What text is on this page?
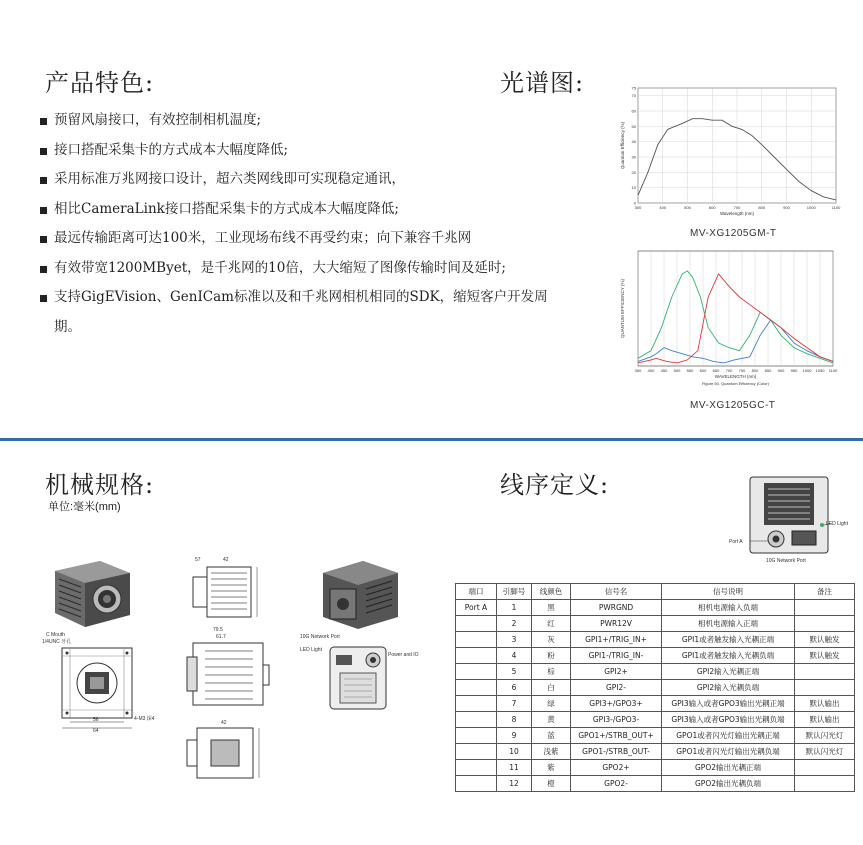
产品特色:
预留风扇接口，有效控制相机温度;
接口搭配采集卡的方式成本大幅度降低;
采用标准万兆网接口设计，超六类网线即可实现稳定通讯，
相比CameraLink接口搭配采集卡的方式成本大幅度降低;
最远传输距离可达100米，工业现场布线不再受约束；向下兼容千兆网
有效带宽1200MByet，是千兆网的10倍，大大缩短了图像传输时间及延时;
支持GigEVision、GenICam标准以及和千兆网相机相同的SDK，缩短客户开发周期。
光谱图:
300	400	500	600	700	800	900	1000	1100
0
10
20
30
40
50
60
70
75
Wavelength (nm)
Quantum Efficiency (%)
MV-XG1205GM-T
350 400 450 500 550 600 650 700 750 800 850 900 950 1000 1050 1100
WAVELENGTH (nm)
QUANTUM EFFICIENCY (%)
Figure 50. Quantum Efficiency (Color)
MV-XG1205GC-T
机械规格:
单位:毫米(mm)
C Mouth
1/4UNC 牙孔
56
64
4-M3 深4
57	42
79.5
61.7
42
10G Network Port
LED Light
Power and IO
线序定义:
LED Light
Port A
10G Network Port
端口	引脚号	线颜色	信号名	信号说明	备注
Port A	1	黑	PWRGND	相机电源输入负端	
	2	红	PWR12V	相机电源输入正端	
	3	灰	GPI1+/TRIG_IN+	GPI1或者触发输入光耦正端	默认触发
	4	粉	GPI1-/TRIG_IN-	GPI1或者触发输入光耦负端	默认触发
	5	棕	GPI2+	GPI2输入光耦正端	
	6	白	GPI2-	GPI2输入光耦负端	
	7	绿	GPI3+/GPO3+	GPI3输入或者GPO3输出光耦正端	默认输出
	8	黄	GPI3-/GPO3-	GPI3输入或者GPO3输出光耦负端	默认输出
	9	蓝	GPO1+/STRB_OUT+	GPO1或者闪光灯输出光耦正端	默认闪光灯
	10	浅紫	GPO1-/STRB_OUT-	GPO1或者闪光灯输出光耦负端	默认闪光灯
	11	紫	GPO2+	GPO2输出光耦正端	
	12	橙	GPO2-	GPO2输出光耦负端	
